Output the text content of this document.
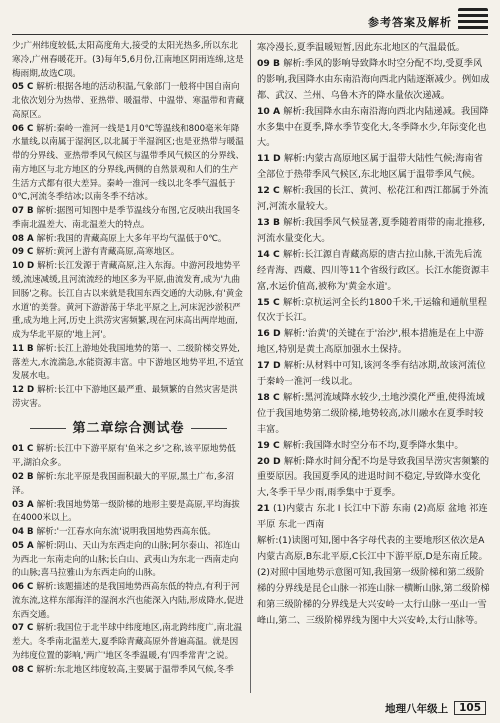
参考答案及解析

少;广州纬度较低,太阳高度角大,接受的太阳光热多,所以东北寒冷,广州春暖花开。(3)每年5,6月份,江南地区阴雨连绵,这是梅雨期,故选C项。

05 C 解析:根据各地的活动积温,气象部门一般将中国自南向北依次划分为热带、亚热带、暖温带、中温带、寒温带和青藏高原区。

06 C 解析:秦岭一淮河一线是1月0℃等温线和800毫米年降水量线,以南属于湿润区,以北属于半湿润区;也是亚热带与暖温带的分界线、亚热带季风气候区与温带季风气候区的分界线、南方地区与北方地区的分界线,两侧的自然景观和人们的生产生活方式都有很大差异。秦岭一淮河一线以北冬季气温低于0℃,河流冬季结冰;以南冬季不结冰。

07 B 解析:据图可知图中是季节温线分布图,它反映出我国冬季南北温差大、南北温差大的特点。

08 A 解析:我国的青藏高原上大多年平均气温低于0℃。

09 C 解析:黄河上游有青藏高原,高寒地区。

10 D 解析:长江发源于青藏高原,注入东海。中游河段地势平缓,流速减缓,且河流流经的地区多为平原,曲流发育,成为'九曲回肠'之称。长江自古以来就是我国东西交通的大动脉,有'黄金水道'的美誉。黄河下游游荡于华北平原之上,河床泥沙淤积严重,成为地上河,历史上洪涝灾害频繁,现在河床高出两岸地面,成为华北平原的'地上河'。

11 B 解析:长江上游地处我国地势的第一、二级阶梯交界处,落差大,水流湍急,水能资源丰富。中下游地区地势平坦,不适宜发展水电。

12 D 解析:长江中下游地区最严重、最频繁的自然灾害是洪涝灾害。

第二章综合测试卷

01 C 解析:长江中下游平原有'鱼米之乡'之称,该平原地势低平,湖泊众多。

02 B 解析:东北平原是我国面积最大的平原,黑土广布,多沼泽。

03 A 解析:我国地势第一级阶梯的地形主要是高原,平均海拔在4000米以上。

04 B 解析:'一江春水向东流'说明我国地势西高东低。

05 A 解析:阴山、天山为东西走向的山脉;阿尔泰山、祁连山为西北一东南走向的山脉;长白山、武夷山为东北一西南走向的山脉;喜马拉雅山为东西走向的山脉。

06 C 解析:该题描述的是我国地势西高东低的特点,有利于河流东流,这样东部海洋的湿润水汽也能深入内陆,形成降水,促进东西交通。

07 C 解析:我国位于北半球中纬度地区,南北跨纬度广,南北温差大。冬季南北温差大,夏季除青藏高原外普遍高温。就是因为纬度位置的影响,'两广'地区冬季温暖,有'四季常青'之说。

08 C 解析:东北地区纬度较高,主要属于温带季风气候,冬季

寒冷漫长,夏季温暖短暂,因此东北地区的气温最低。

09 B 解析:季风的影响导致降水时空分配不均,受夏季风的影响,我国降水由东南沿海向西北内陆逐渐减少。例如成都、武汉、兰州、乌鲁木齐的降水量依次递减。

10 A 解析:我国降水由东南沿海向西北内陆递减。我国降水多集中在夏季,降水季节变化大,冬季降水少,年际变化也大。

11 D 解析:内蒙古高原地区属于温带大陆性气候;海南省全部位于热带季风气候区,东北地区属于温带季风气候。

12 C 解析:我国的长江、黄河、松花江和西江都属于外流河,河流水量较大。

13 B 解析:我国季风气候显著,夏季随着雨带的南北推移,河流水量变化大。

14 C 解析:长江源自青藏高原的唐古拉山脉,干流先后流经青海、西藏、四川等11个省级行政区。长江水能资源丰富,水运价值高,被称为'黄金水道'。

15 C 解析:京杭运河全长约1800千米,干运输和通航里程仅次于长江。

16 D 解析:'治黄'的关键在于'治沙',根本措施是在上中游地区,特别是黄土高原加强水土保持。

17 D 解析:从材料中可知,该河冬季有结冰期,故该河流位于秦岭一淮河一线以北。

18 C 解析:黑河流域降水较少,土地沙漠化严重,使得流域位于我国地势第二级阶梯,地势较高,冰川融水在夏季时较丰富。

19 C 解析:我国降水时空分布不均,夏季降水集中。

20 D 解析:降水时间分配不均是导致我国旱涝灾害频繁的重要原因。我国夏季风的进退时间不稳定,导致降水变化大,冬季干旱少雨,雨季集中于夏季。

21 (1)内蒙古 东北 Ⅰ 长江中下游 东南 (2)高原 盆地 祁连 平原 东北一西南

解析:(1)读图可知,图中各字母代表的主要地形区依次是A内蒙古高原,B东北平原,C长江中下游平原,D是东南丘陵。(2)对照中国地势示意图可知,我国第一级阶梯和第二级阶梯的分界线是昆仑山脉一祁连山脉一横断山脉,第二级阶梯和第三级阶梯的分界线是大兴安岭一太行山脉一巫山一雪峰山,第二、三级阶梯界线为图中大兴安岭,太行山脉等。

地理八年级上	105
